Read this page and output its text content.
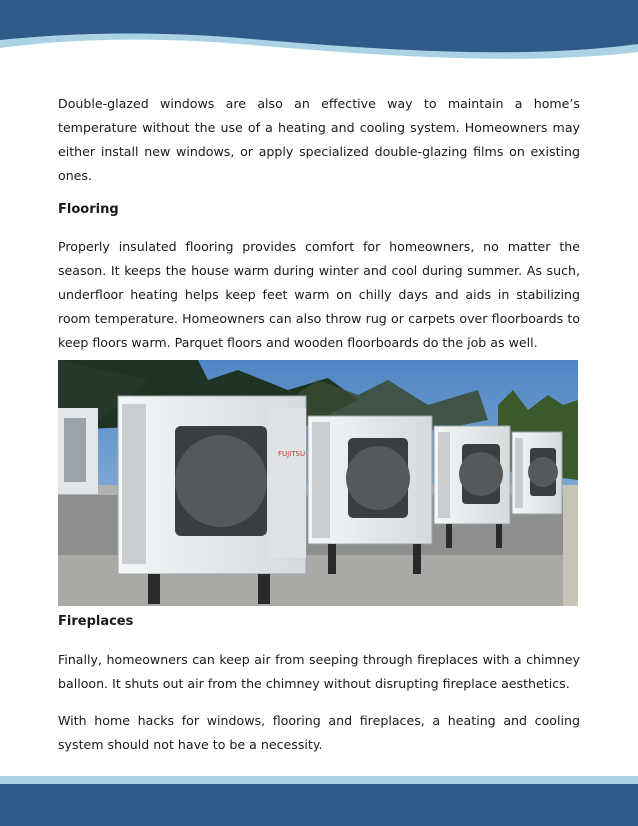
Double-glazed windows are also an effective way to maintain a home’s temperature without the use of a heating and cooling system. Homeowners may either install new windows, or apply specialized double-glazing films on existing ones.

Flooring

Properly insulated flooring provides comfort for homeowners, no matter the season. It keeps the house warm during winter and cool during summer. As such, underfloor heating helps keep feet warm on chilly days and aids in stabilizing room temperature. Homeowners can also throw rug or carpets over floorboards to keep floors warm. Parquet floors and wooden floorboards do the job as well.

FUJITSU
Fireplaces

Finally, homeowners can keep air from seeping through fireplaces with a chimney balloon. It shuts out air from the chimney without disrupting fireplace aesthetics.

With home hacks for windows, flooring and fireplaces, a heating and cooling system should not have to be a necessity.
